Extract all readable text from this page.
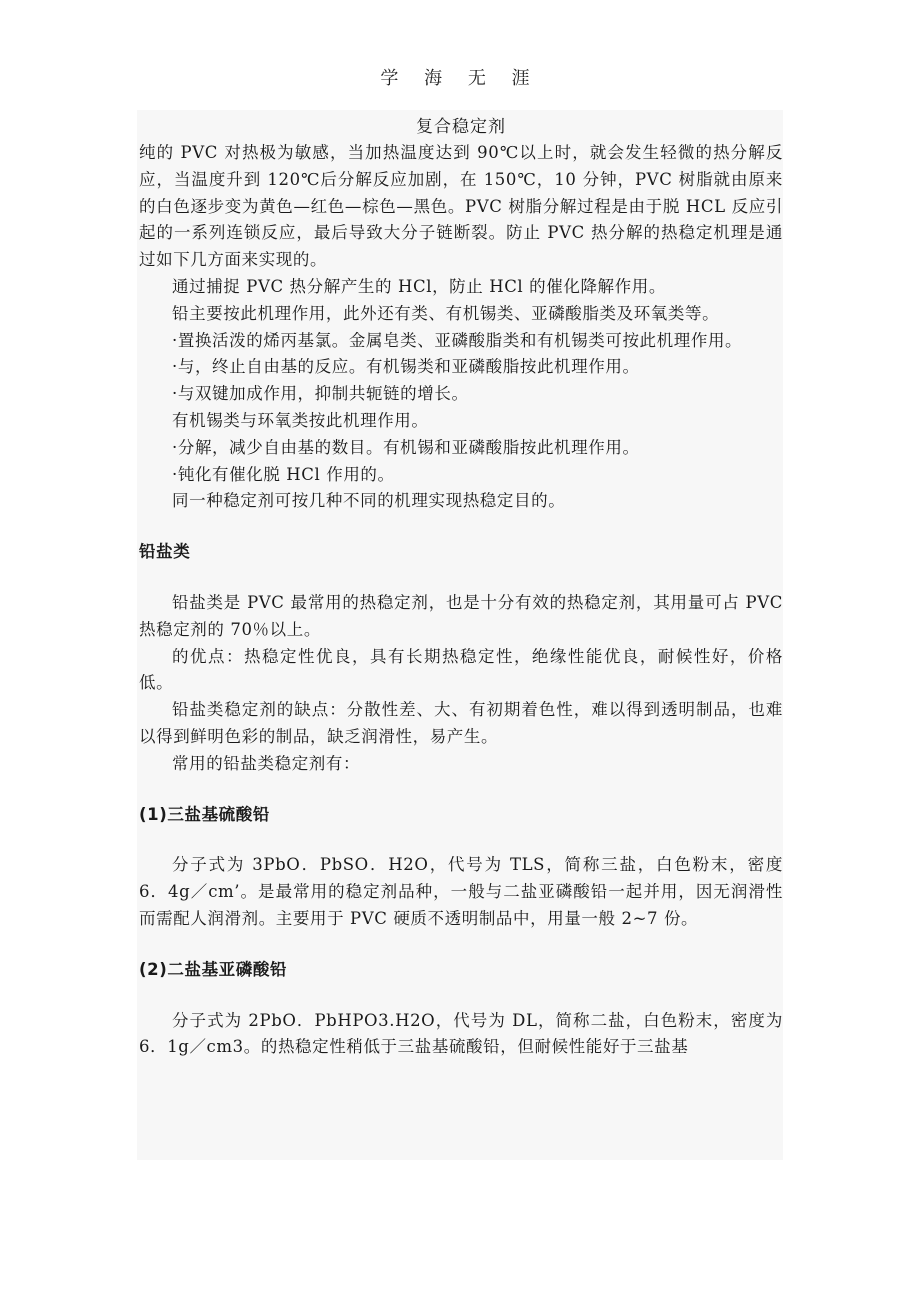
学 海 无 涯
复合稳定剂

纯的 PVC 对热极为敏感，当加热温度达到 90℃以上时，就会发生轻微的热分解反应，当温度升到 120℃后分解反应加剧，在 150℃，10 分钟，PVC 树脂就由原来的白色逐步变为黄色—红色—棕色—黑色。PVC 树脂分解过程是由于脱 HCL 反应引起的一系列连锁反应，最后导致大分子链断裂。防止 PVC 热分解的热稳定机理是通过如下几方面来实现的。

通过捕捉 PVC 热分解产生的 HCl，防止 HCl 的催化降解作用。

铅主要按此机理作用，此外还有类、有机锡类、亚磷酸脂类及环氧类等。

·置换活泼的烯丙基氯。金属皂类、亚磷酸脂类和有机锡类可按此机理作用。

·与，终止自由基的反应。有机锡类和亚磷酸脂按此机理作用。

·与双键加成作用，抑制共轭链的增长。

有机锡类与环氧类按此机理作用。

·分解，减少自由基的数目。有机锡和亚磷酸脂按此机理作用。

·钝化有催化脱 HCl 作用的。

同一种稳定剂可按几种不同的机理实现热稳定目的。

铅盐类

铅盐类是 PVC 最常用的热稳定剂，也是十分有效的热稳定剂，其用量可占 PVC 热稳定剂的 70％以上。

的优点：热稳定性优良，具有长期热稳定性，绝缘性能优良，耐候性好，价格低。

铅盐类稳定剂的缺点：分散性差、大、有初期着色性，难以得到透明制品，也难以得到鲜明色彩的制品，缺乏润滑性，易产生。

常用的铅盐类稳定剂有：

(1)三盐基硫酸铅

分子式为 3PbO．PbSO．H2O，代号为 TLS，简称三盐，白色粉末，密度 6．4g／cm’。是最常用的稳定剂品种，一般与二盐亚磷酸铅一起并用，因无润滑性而需配人润滑剂。主要用于 PVC 硬质不透明制品中，用量一般 2~7 份。

(2)二盐基亚磷酸铅

分子式为 2PbO．PbHPO3.H2O，代号为 DL，简称二盐，白色粉末，密度为 6．1g／cm3。的热稳定性稍低于三盐基硫酸铅，但耐候性能好于三盐基
